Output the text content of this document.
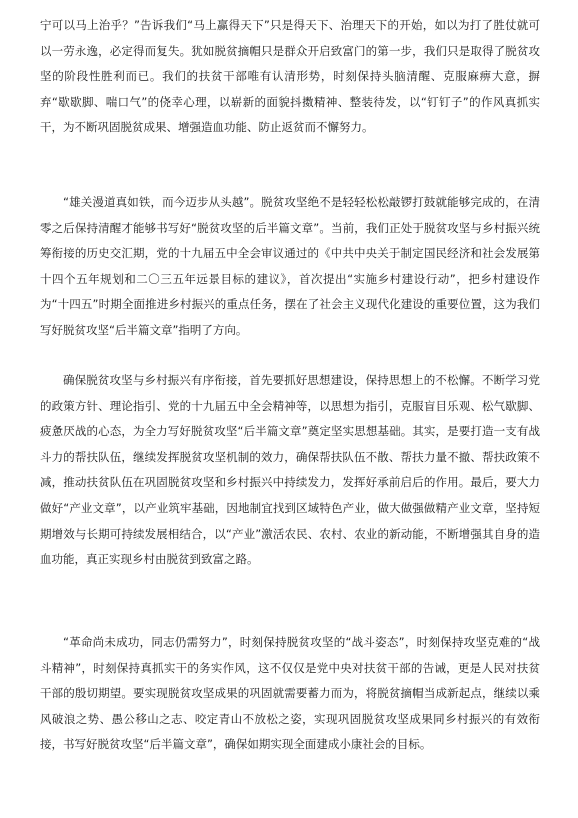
宁可以马上治乎？”告诉我们“马上赢得天下”只是得天下、治理天下的开始，如以为打了胜仗就可以一劳永逸，必定得而复失。犹如脱贫摘帽只是群众开启致富门的第一步，我们只是取得了脱贫攻坚的阶段性胜利而已。我们的扶贫干部唯有认清形势，时刻保持头脑清醒、克服麻痹大意，摒弃“歇歇脚、喘口气”的侥幸心理，以崭新的面貌抖擞精神、整装待发，以“钉钉子”的作风真抓实干，为不断巩固脱贫成果、增强造血功能、防止返贫而不懈努力。

“雄关漫道真如铁，而今迈步从头越”。脱贫攻坚绝不是轻轻松松敲锣打鼓就能够完成的，在清零之后保持清醒才能够书写好“脱贫攻坚的后半篇文章”。当前，我们正处于脱贫攻坚与乡村振兴统筹衔接的历史交汇期，党的十九届五中全会审议通过的《中共中央关于制定国民经济和社会发展第十四个五年规划和二〇三五年远景目标的建议》，首次提出“实施乡村建设行动”，把乡村建设作为“十四五”时期全面推进乡村振兴的重点任务，摆在了社会主义现代化建设的重要位置，这为我们写好脱贫攻坚“后半篇文章”指明了方向。

确保脱贫攻坚与乡村振兴有序衔接，首先要抓好思想建设，保持思想上的不松懈。不断学习党的政策方针、理论指引、党的十九届五中全会精神等，以思想为指引，克服盲目乐观、松气歇脚、疲惫厌战的心态，为全力写好脱贫攻坚“后半篇文章”奠定坚实思想基础。其实，是要打造一支有战斗力的帮扶队伍，继续发挥脱贫攻坚机制的效力，确保帮扶队伍不散、帮扶力量不撤、帮扶政策不减，推动扶贫队伍在巩固脱贫攻坚和乡村振兴中持续发力，发挥好承前启后的作用。最后，要大力做好“产业文章”，以产业筑牢基础，因地制宜找到区域特色产业，做大做强做精产业文章，坚持短期增效与长期可持续发展相结合，以“产业”激活农民、农村、农业的新动能，不断增强其自身的造血功能，真正实现乡村由脱贫到致富之路。

“革命尚未成功，同志仍需努力”，时刻保持脱贫攻坚的“战斗姿态”，时刻保持攻坚克难的“战斗精神”，时刻保持真抓实干的务实作风，这不仅仅是党中央对扶贫干部的告诫，更是人民对扶贫干部的殷切期望。要实现脱贫攻坚成果的巩固就需要蓄力而为，将脱贫摘帽当成新起点，继续以乘风破浪之势、愚公移山之志、咬定青山不放松之姿，实现巩固脱贫攻坚成果同乡村振兴的有效衔接，书写好脱贫攻坚“后半篇文章”，确保如期实现全面建成小康社会的目标。
